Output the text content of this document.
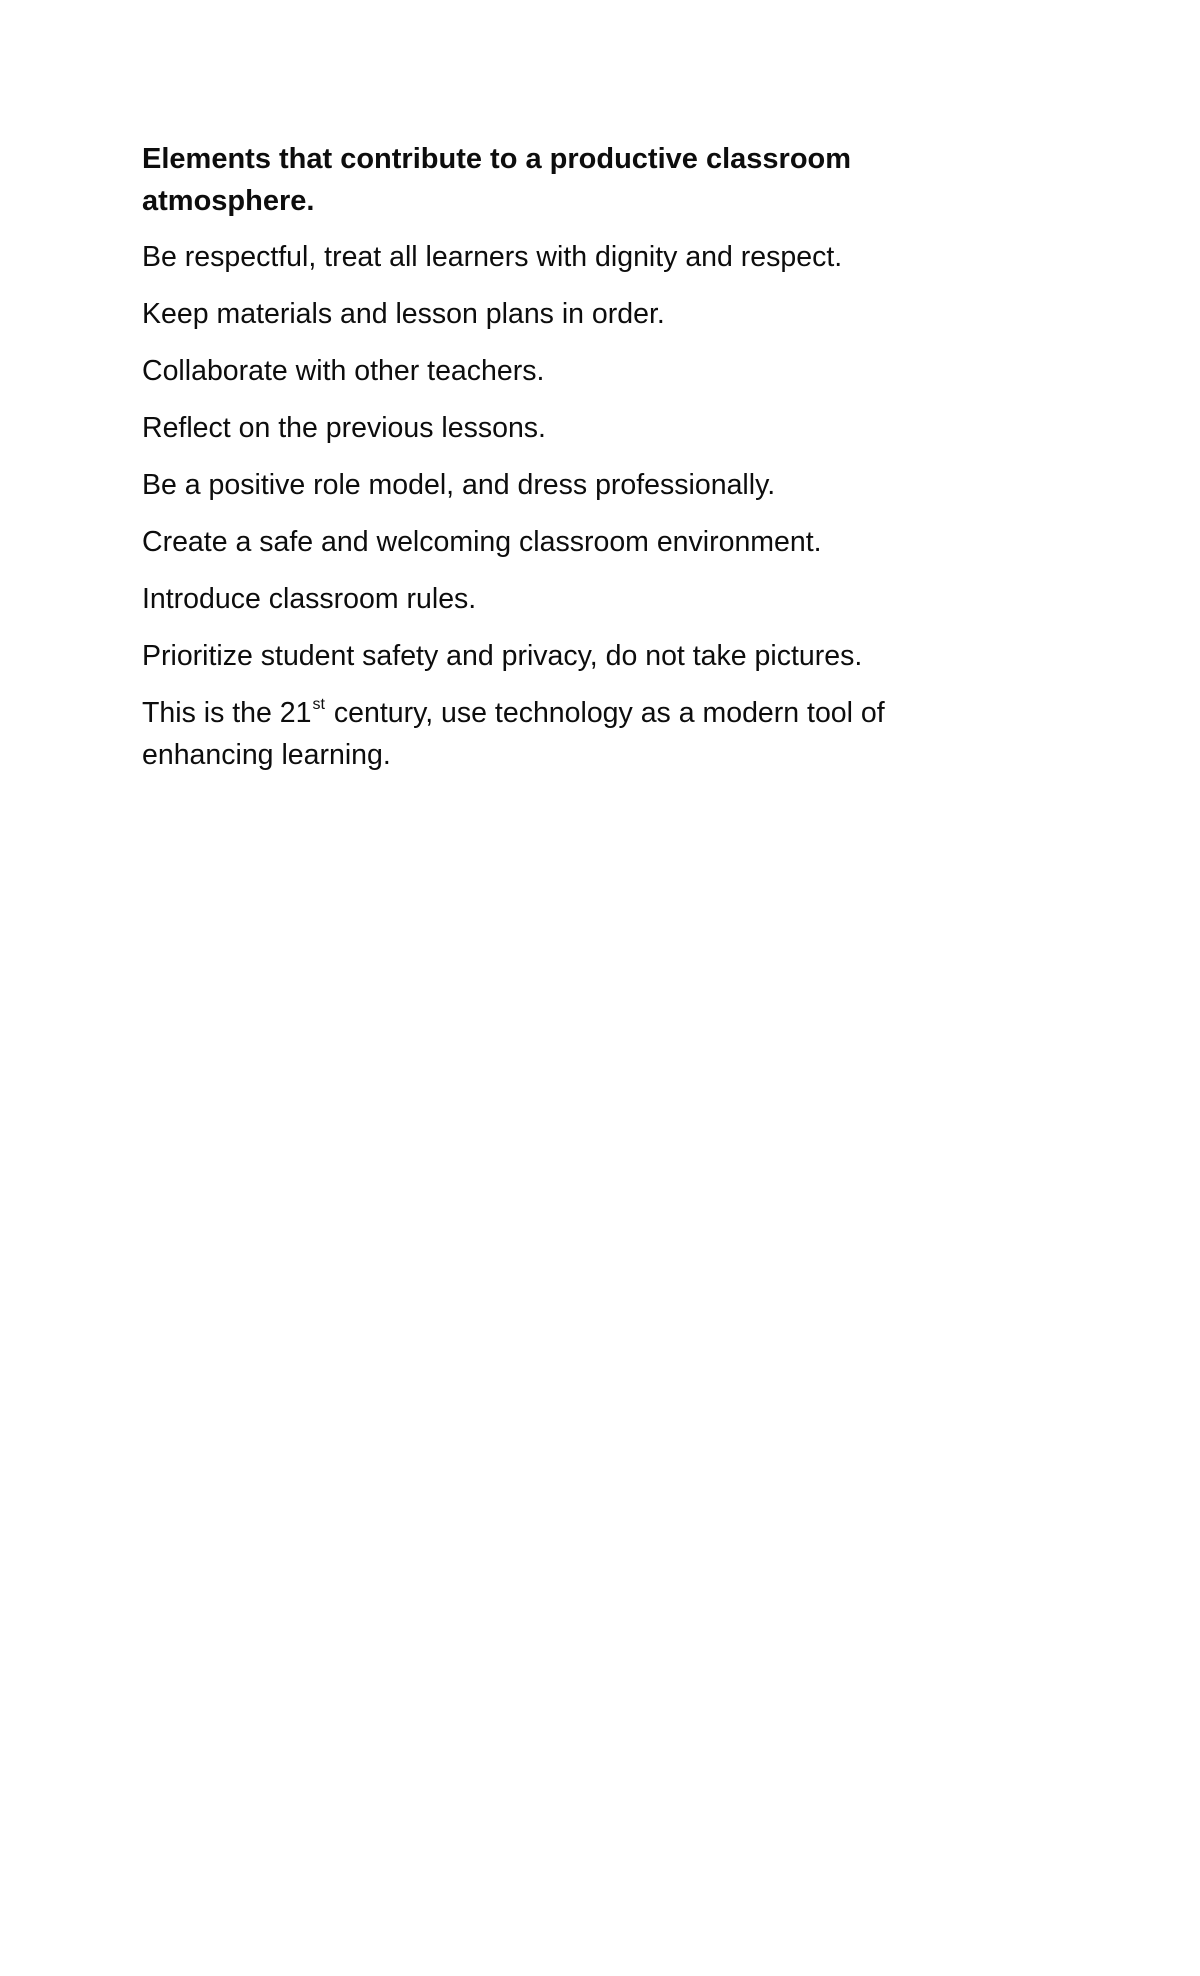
Elements that contribute to a productive classroom atmosphere.

Be respectful, treat all learners with dignity and respect.

Keep materials and lesson plans in order.

Collaborate with other teachers.

Reflect on the previous lessons.

Be a positive role model, and dress professionally.

Create a safe and welcoming classroom environment.

Introduce classroom rules.

Prioritize student safety and privacy, do not take pictures.

This is the 21st century, use technology as a modern tool of enhancing learning.
